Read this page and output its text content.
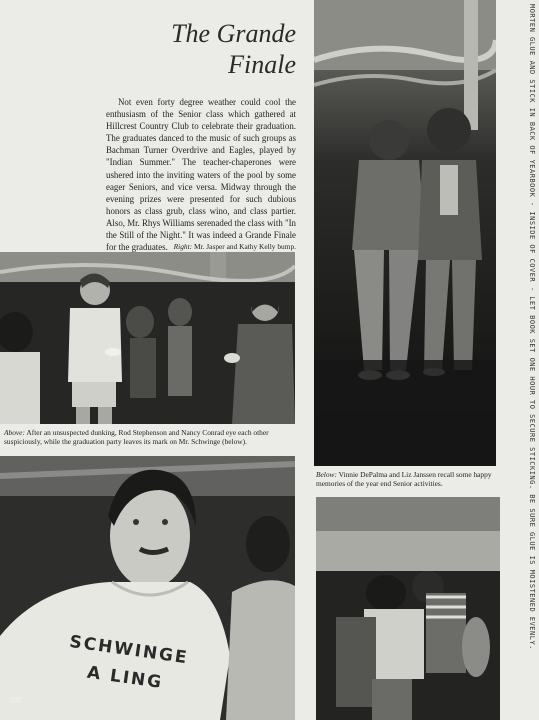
The Grande
Finale
Not even forty degree weather could cool the enthusiasm of the Senior class which gathered at Hillcrest Country Club to celebrate their graduation. The graduates danced to the music of such groups as Bachman Turner Overdrive and Eagles, played by "Indian Summer." The teacher-chaperones were ushered into the inviting waters of the pool by some eager Seniors, and vice versa. Midway through the evening prizes were presented for such dubious honors as class grub, class wino, and class partier. Also, Mr. Rhys Williams serenaded the class with "In the Still of the Night." It was indeed a Grande Finale for the graduates. Right: Mr. Jasper and Kathy Kelly bump.
Above: After an unsuspected dunking, Rod Stephenson and Nancy Conrad eye each other suspiciously, while the graduation party leaves its mark on Mr. Schwinge (below).
SCHWINGE
A LING
Below: Vinnie DePalma and Liz Janssen recall some happy memories of the year end Senior activities.	MORTEN GLUE AND STICK IN BACK OF YEARBOOK - INSIDE OF COVER - LET BOOK SET ONE HOUR TO SECURE STICKING. BE SURE GLUE IS MOISTENED EVENLY.
232
